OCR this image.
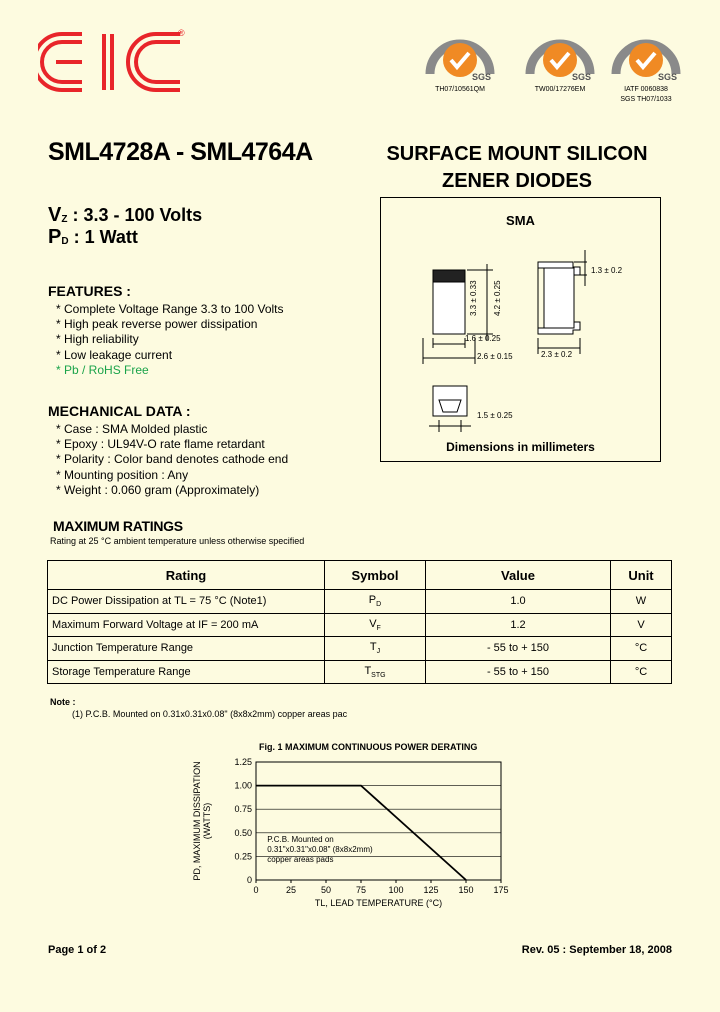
®
SGS
TH07/10561QM
SGS
TW00/17276EM
SGS
IATF 0060838
SGS TH07/1033
SML4728A - SML4764A	SURFACE MOUNT SILICON
ZENER DIODES
$V_Z$ : 3.3 - 100 Volts
$P_D$ : 1 Watt
FEATURES :
* Complete Voltage Range 3.3 to 100 Volts
* High peak reverse power dissipation
* High reliability
* Low leakage current
* Pb / RoHS Free
MECHANICAL DATA :
* Case : SMA Molded plastic
* Epoxy : UL94V-O rate flame retardant
* Polarity : Color band denotes cathode end
* Mounting position : Any
* Weight : 0.060 gram (Approximately)
SMA
3.3 ± 0.33 4.2 ± 0.25
1.3 ± 0.2
1.6 ± 0.25
2.6 ± 0.15	2.3 ± 0.2
1.5 ± 0.25
Dimensions in millimeters
MAXIMUM RATINGS
Rating at 25 °C ambient temperature unless otherwise specified
Rating	Symbol	Value	Unit
DC Power Dissipation at TL = 75 °C (Note1)	$P_D$	1.0	W
Maximum Forward Voltage at IF = 200 mA	$V_F$	1.2	V
Junction Temperature Range	$T_J$	- 55 to + 150	°C
Storage Temperature Range	$T_{STG}$	- 55 to + 150	°C
Note :
(1) P.C.B. Mounted on 0.31x0.31x0.08" (8x8x2mm) copper areas pac
Fig. 1 MAXIMUM CONTINUOUS POWER DERATING
0
0.25
0.50
0.75
1.00
1.25
0	25	50	75 100 125 150 175
P.C.B. Mounted on
0.31"x0.31"x0.08" (8x8x2mm)
copper areas pads
TL, LEAD TEMPERATURE (°C)
PD, MAXIMUM DISSIPATION (WATTS)
Page 1 of 2	Rev. 05 : September 18, 2008
